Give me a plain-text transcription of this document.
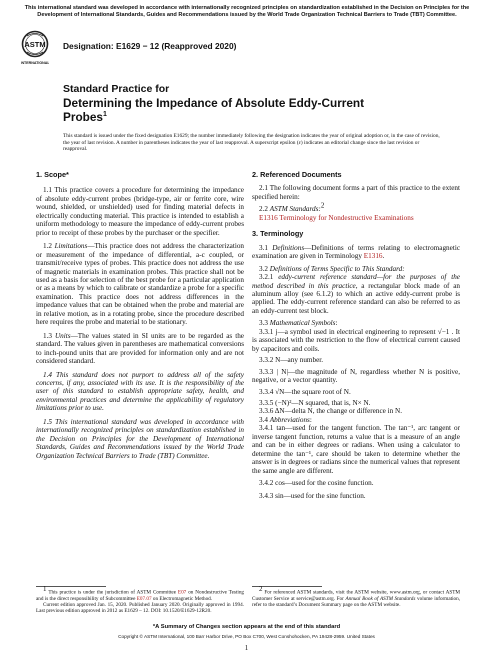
This international standard was developed in accordance with internationally recognized principles on standardization established in the Decision on Principles for the Development of International Standards, Guides and Recommendations issued by the World Trade Organization Technical Barriers to Trade (TBT) Committee.
ASTM
INTERNATIONAL
Designation: E1629 − 12 (Reapproved 2020)
Standard Practice for
Determining the Impedance of Absolute Eddy-Current
Probes$^1$
This standard is issued under the fixed designation E1629; the number immediately following the designation indicates the year of original adoption or, in the case of revision, the year of last revision. A number in parentheses indicates the year of last reapproval. A superscript epsilon (ε) indicates an editorial change since the last revision or reapproval.
1. Scope*

1.1 This practice covers a procedure for determining the impedance of absolute eddy-current probes (bridge-type, air or ferrite core, wire wound, shielded, or unshielded) used for finding material defects in electrically conducting material. This practice is intended to establish a uniform methodology to measure the impedance of eddy-current probes prior to receipt of these probes by the purchaser or the specifier.

1.2 Limitations—This practice does not address the characterization or measurement of the impedance of differential, a-c coupled, or transmit/receive types of probes. This practice does not address the use of magnetic materials in examination probes. This practice shall not be used as a basis for selection of the best probe for a particular application or as a means by which to calibrate or standardize a probe for a specific examination. This practice does not address differences in the impedance values that can be obtained when the probe and material are in relative motion, as in a rotating probe, since the procedure described here requires the probe and material to be stationary.

1.3 Units—The values stated in SI units are to be regarded as the standard. The values given in parentheses are mathematical conversions to inch-pound units that are provided for information only and are not considered standard.

1.4 This standard does not purport to address all of the safety concerns, if any, associated with its use. It is the responsibility of the user of this standard to establish appropriate safety, health, and environmental practices and determine the applicability of regulatory limitations prior to use.

1.5 This international standard was developed in accordance with internationally recognized principles on standardization established in the Decision on Principles for the Development of International Standards, Guides and Recommendations issued by the World Trade Organization Technical Barriers to Trade (TBT) Committee.

1 This practice is under the jurisdiction of ASTM Committee E07 on Nondestructive Testing and is the direct responsibility of Subcommittee E07.07 on Electromagnetic Method.

Current edition approved Jan. 15, 2020. Published January 2020. Originally approved in 1994. Last previous edition approved in 2012 as E1629 – 12. DOI: 10.1520/E1629-12R20.

2. Referenced Documents

2.1 The following document forms a part of this practice to the extent specified herein:

2.2 ASTM Standards:2

E1316 Terminology for Nondestructive Examinations

3. Terminology

3.1 Definitions—Definitions of terms relating to electromagnetic examination are given in Terminology E1316.

3.2 Definitions of Terms Specific to This Standard:

3.2.1 eddy-current reference standard—for the purposes of the method described in this practice, a rectangular block made of an aluminum alloy (see 6.1.2) to which an active eddy-current probe is applied. The eddy-current reference standard can also be referred to as an eddy-current test block.

3.3 Mathematical Symbols:

3.3.1 j—a symbol used in electrical engineering to represent √−1 . It is associated with the restriction to the flow of electrical current caused by capacitors and coils.

3.3.2 N—any number.

3.3.3 | N|—the magnitude of N, regardless whether N is positive, negative, or a vector quantity.

3.3.4 √N—the square root of N.

3.3.5 (−N)²—N squared, that is, N× N.

3.3.6 ΔN—delta N, the change or difference in N.

3.4 Abbreviations:

3.4.1 tan—used for the tangent function. The tan⁻¹, arc tangent or inverse tangent function, returns a value that is a measure of an angle and can be in either degrees or radians. When using a calculator to determine the tan⁻¹, care should be taken to determine whether the answer is in degrees or radians since the numerical values that represent the same angle are different.

3.4.2 cos—used for the cosine function.

3.4.3 sin—used for the sine function.

2 For referenced ASTM standards, visit the ASTM website, www.astm.org, or contact ASTM Customer Service at service@astm.org. For Annual Book of ASTM Standards volume information, refer to the standard’s Document Summary page on the ASTM website.

*A Summary of Changes section appears at the end of this standard
Copyright © ASTM International, 100 Barr Harbor Drive, PO Box C700, West Conshohocken, PA 19428-2959. United States
1
